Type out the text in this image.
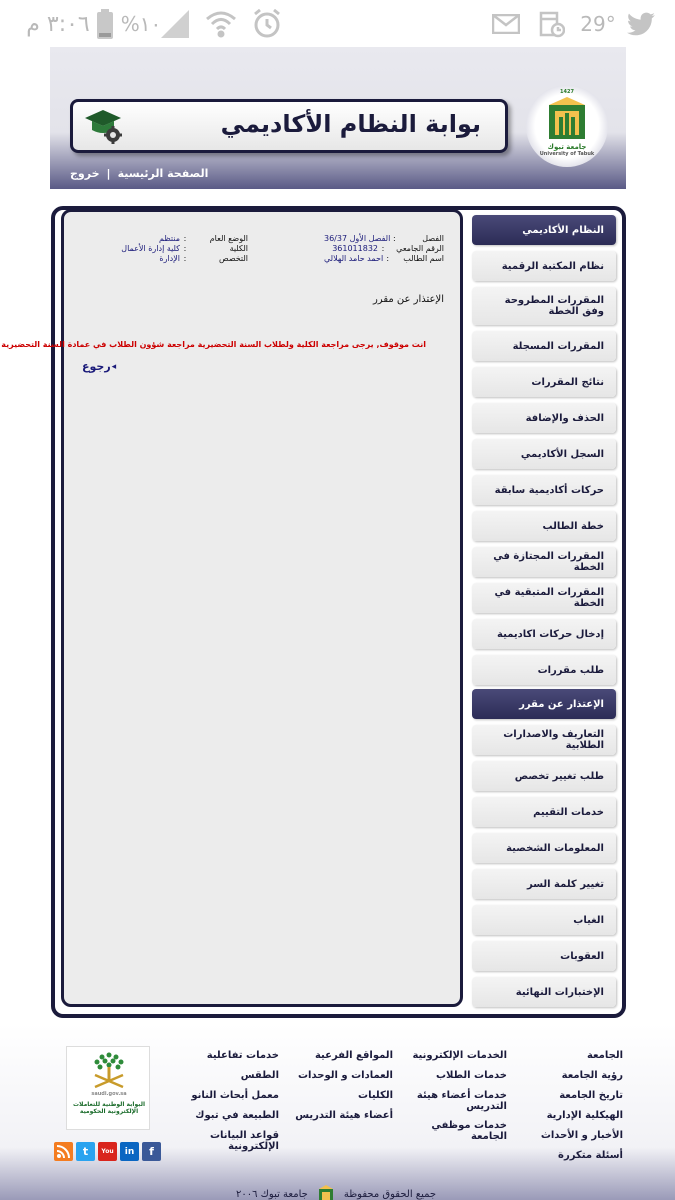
٣:٠٦ م	%١٠	29°
بوابة النظام الأكاديمي
جامعة تبوك
University of Tabuk
1427
الصفحة الرئيسية
|
خروج
الفصل
:
الفصل الأول 36/37
الرقم الجامعي
:
361011832
اسم الطالب
:
احمد حامد الهلالي
الوضع العام
:
منتظم
الكلية
:
كلية إدارة الأعمال
التخصص
:
الإدارة
الإعتذار عن مقرر
انت موقوف, يرجى مراجعة الكلية ولطلاب السنة التحضيرية مراجعة شؤون الطلاب في عمادة السنة التحضيرية
◂
رجوع
النظام الأكاديمي
نظام المكتبة الرقمية
المقررات المطروحة وفق الخطة
المقررات المسجلة
نتائج المقررات
الحذف والإضافة
السجل الأكاديمي
حركات أكاديمية سابقة
خطة الطالب
المقررات المجتازة في الخطة
المقررات المتبقية في الخطة
إدخال حركات اكاديمية
طلب مقررات
الإعتذار عن مقرر
التعاريف والاصدارات الطلابية
طلب تغيير تخصص
خدمات التقييم
المعلومات الشخصية
تغيير كلمة السر
الغياب
العقوبات
الإختبارات النهائية
الجامعة
رؤية الجامعة
تاريخ الجامعة
الهيكلية الإدارية
الأخبار و الأحداث
أسئلة متكررة
الخدمات الإلكترونية
خدمات الطلاب
خدمات أعضاء هيئة التدريس
خدمات موظفي الجامعة
المواقع الفرعية
العمادات و الوحدات
الكليات
أعضاء هيئة التدريس
خدمات تفاعلية
الطقس
معمل أبحاث النانو
الطبيعة في تبوك
قواعد البيانات الإلكترونية
saudi.gov.sa
البوابة الوطنية للتعاملات الإلكترونية الحكومية
t	You	in	f
جميع الحقوق محفوظة
جامعة تبوك ٢٠٠٦
